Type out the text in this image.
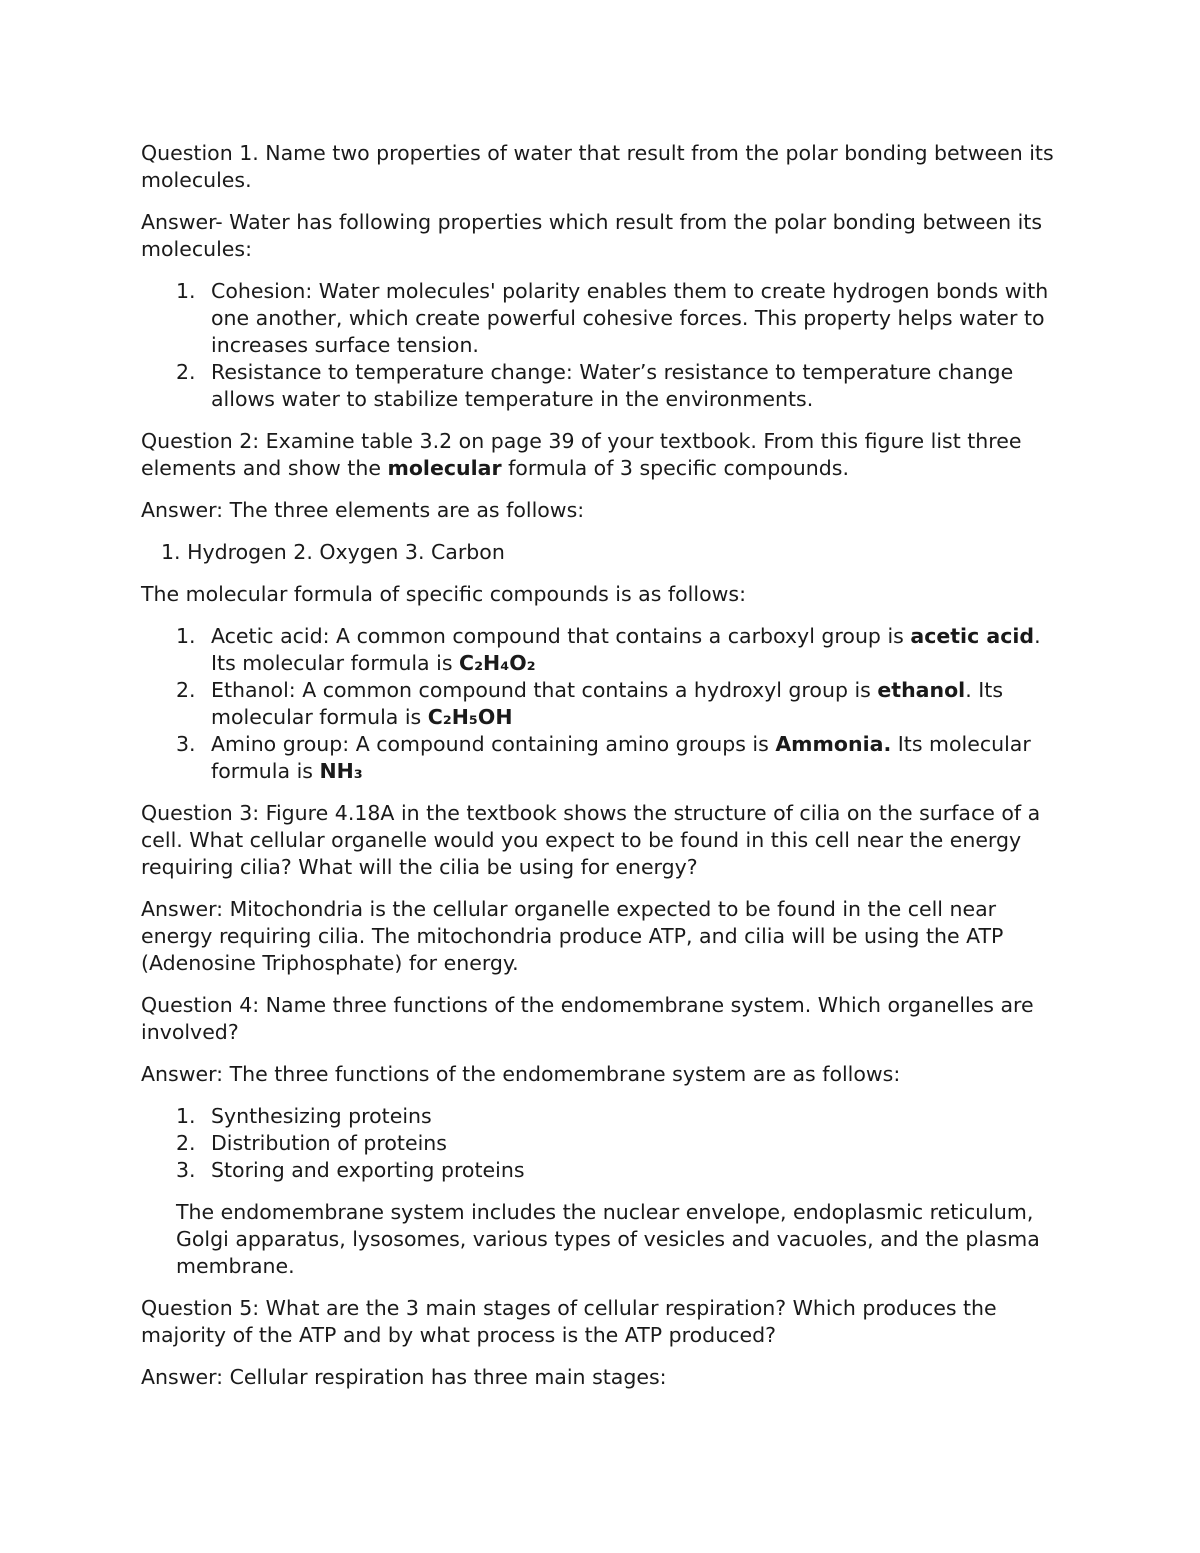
Question 1. Name two properties of water that result from the polar bonding between its molecules.

Answer- Water has following properties which result from the polar bonding between its molecules:

1. Cohesion: Water molecules' polarity enables them to create hydrogen bonds with one another, which create powerful cohesive forces. This property helps water to increases surface tension.
2. Resistance to temperature change: Water’s resistance to temperature change allows water to stabilize temperature in the environments.

Question 2: Examine table 3.2 on page 39 of your textbook. From this figure list three elements and show the molecular formula of 3 specific compounds.

Answer: The three elements are as follows:

1. Hydrogen 2. Oxygen 3. Carbon

The molecular formula of specific compounds is as follows:

1. Acetic acid: A common compound that contains a carboxyl group is acetic acid. Its molecular formula is C₂H₄O₂
2. Ethanol: A common compound that contains a hydroxyl group is ethanol. Its molecular formula is C₂H₅OH
3. Amino group: A compound containing amino groups is Ammonia. Its molecular formula is NH₃

Question 3: Figure 4.18A in the textbook shows the structure of cilia on the surface of a cell. What cellular organelle would you expect to be found in this cell near the energy requiring cilia? What will the cilia be using for energy?

Answer: Mitochondria is the cellular organelle expected to be found in the cell near energy requiring cilia. The mitochondria produce ATP, and cilia will be using the ATP (Adenosine Triphosphate) for energy.

Question 4: Name three functions of the endomembrane system. Which organelles are involved?

Answer: The three functions of the endomembrane system are as follows:

1. Synthesizing proteins
2. Distribution of proteins
3. Storing and exporting proteins

The endomembrane system includes the nuclear envelope, endoplasmic reticulum, Golgi apparatus, lysosomes, various types of vesicles and vacuoles, and the plasma membrane.

Question 5: What are the 3 main stages of cellular respiration? Which produces the majority of the ATP and by what process is the ATP produced?

Answer: Cellular respiration has three main stages:
